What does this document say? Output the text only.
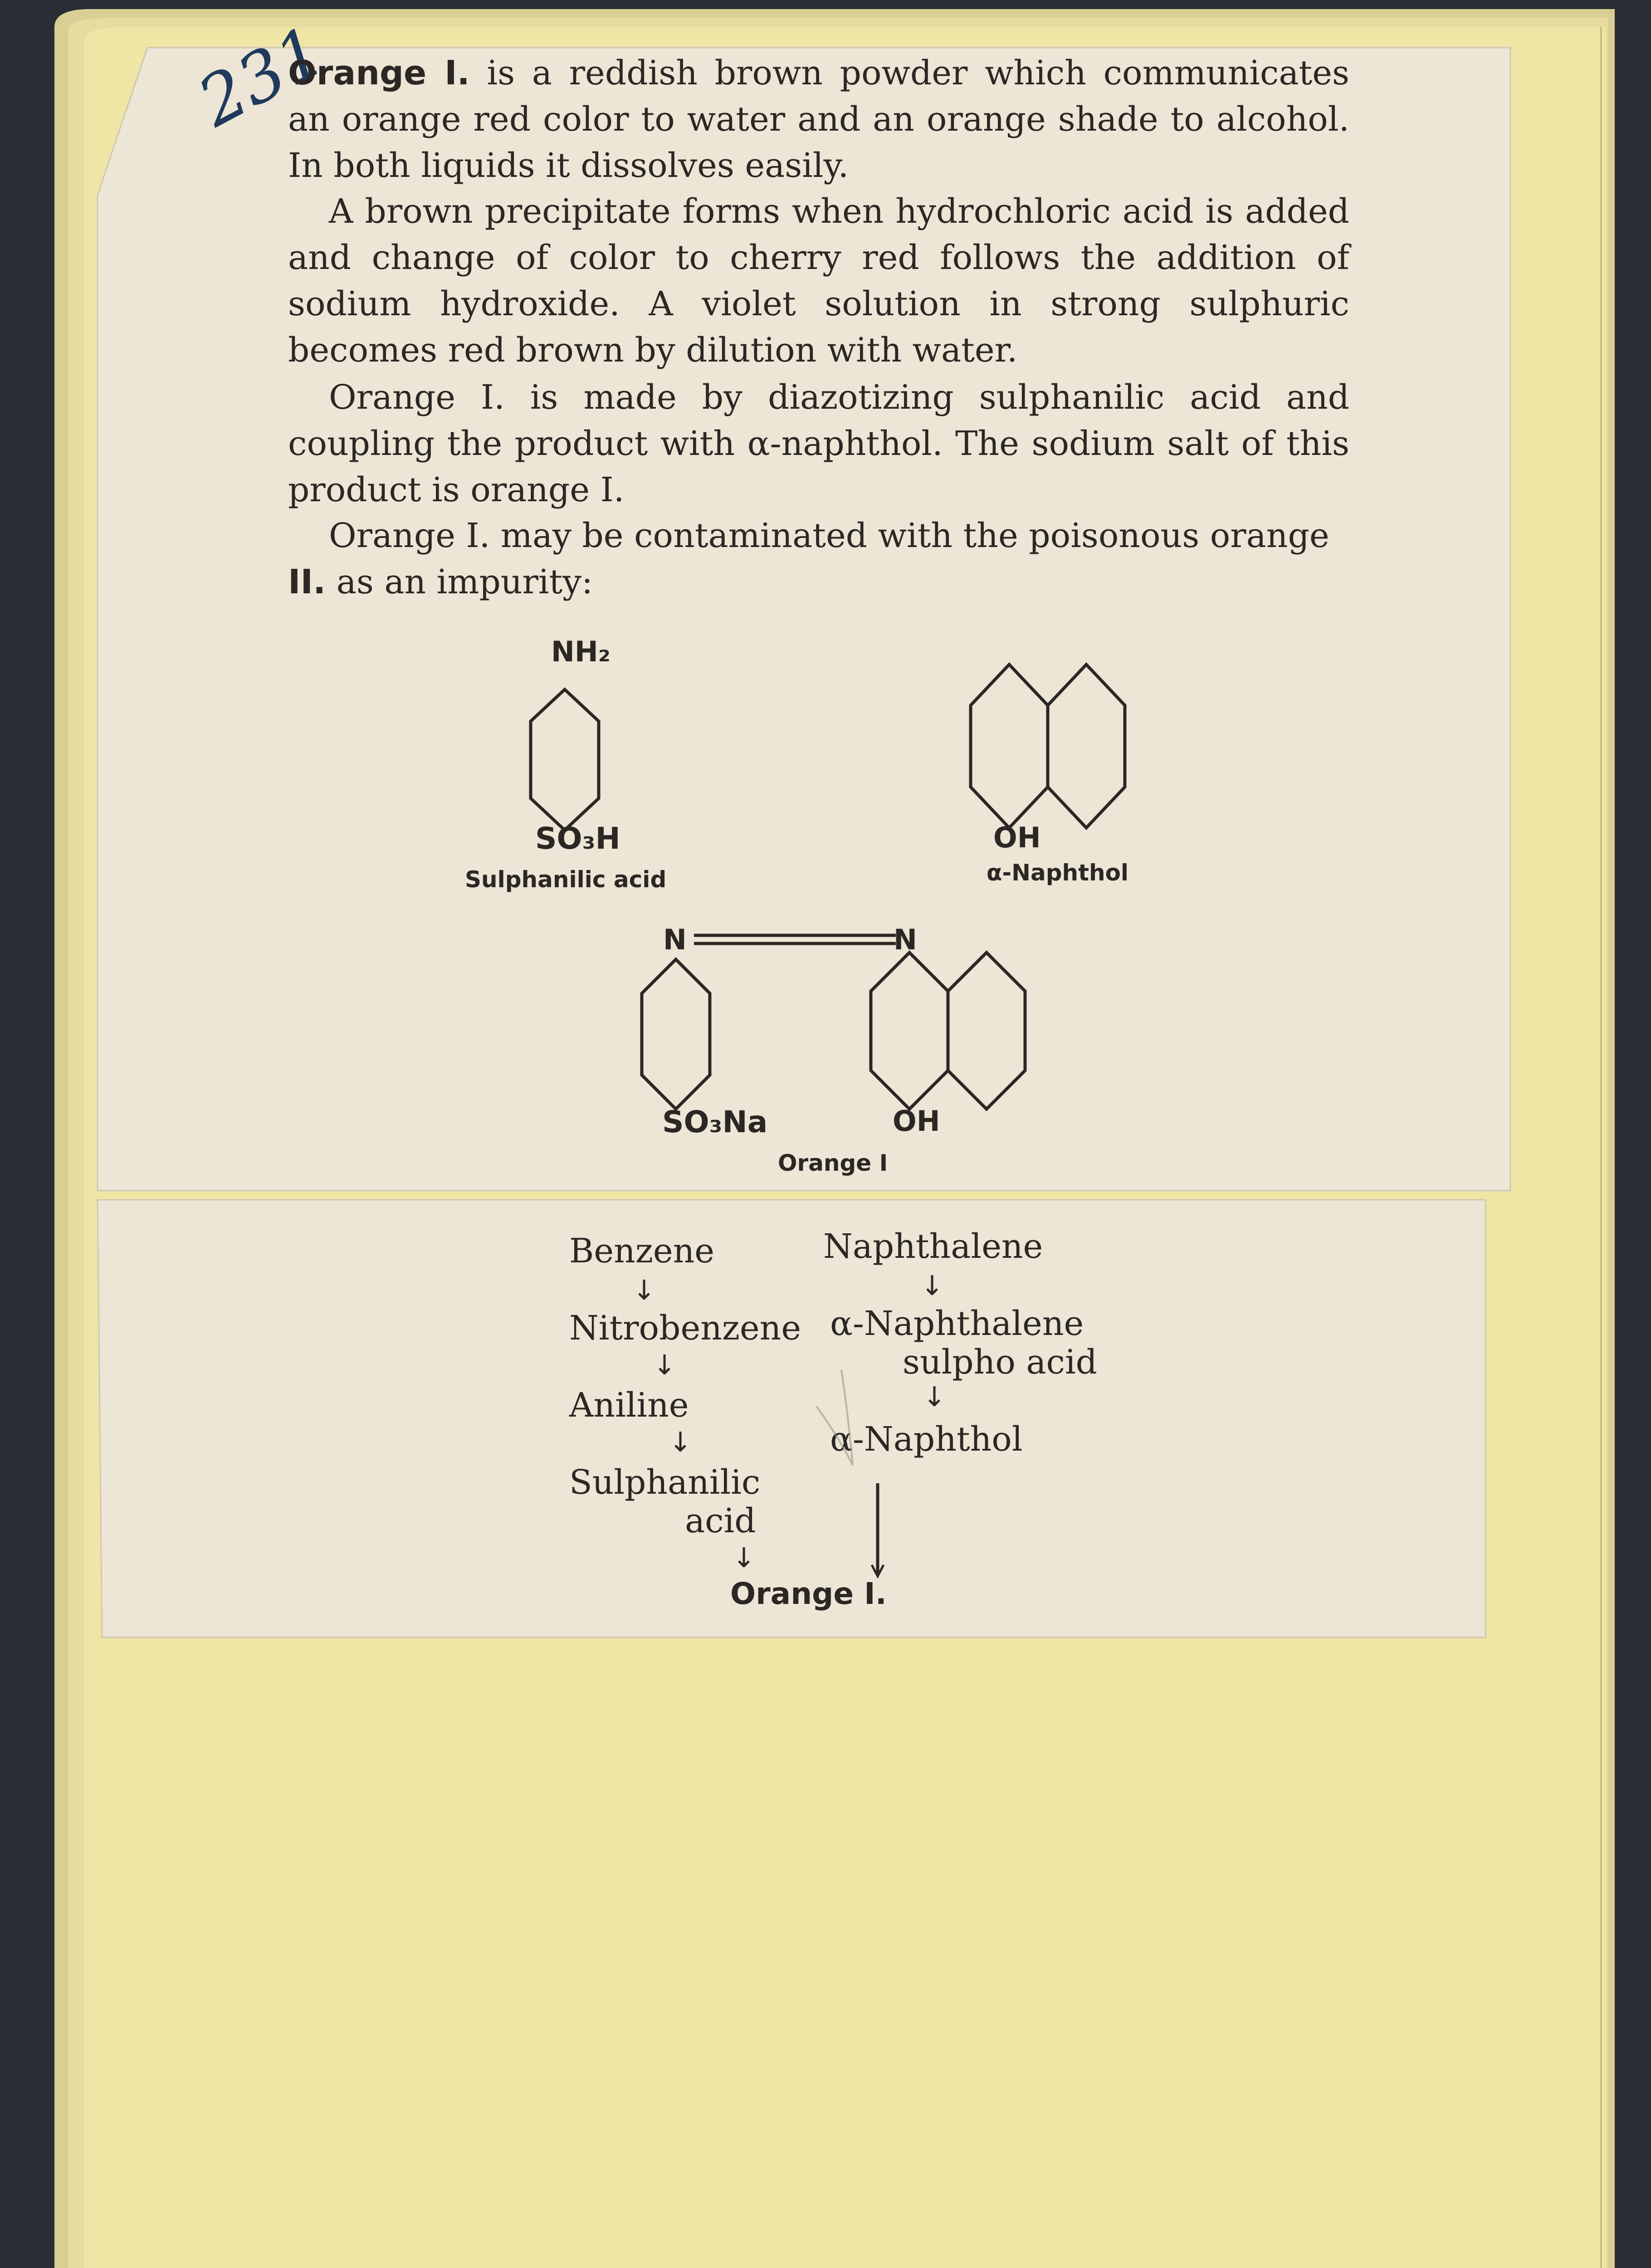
231

Orange I. is a reddish brown powder which communicates an orange red color to water and an orange shade to alcohol. In both liquids it dissolves easily.

A brown precipitate forms when hydrochloric acid is added and change of color to cherry red follows the addition of sodium hydroxide. A violet solution in strong sulphuric becomes red brown by dilution with water.

Orange I. is made by diazotizing sulphanilic acid and coupling the product with α-naphthol. The sodium salt of this product is orange I.

Orange I. may be contaminated with the poisonous orange
II. as an impurity:

NH₂
SO₃H
Sulphanilic acid
OH
α-Naphthol
N	N
SO₃Na	OH
Orange I
Benzene
↓
Nitrobenzene
↓
Aniline
↓
Sulphanilic
acid
↓
Naphthalene
↓
α-Naphthalene
sulpho acid
↓
α-Naphthol
Orange I.
